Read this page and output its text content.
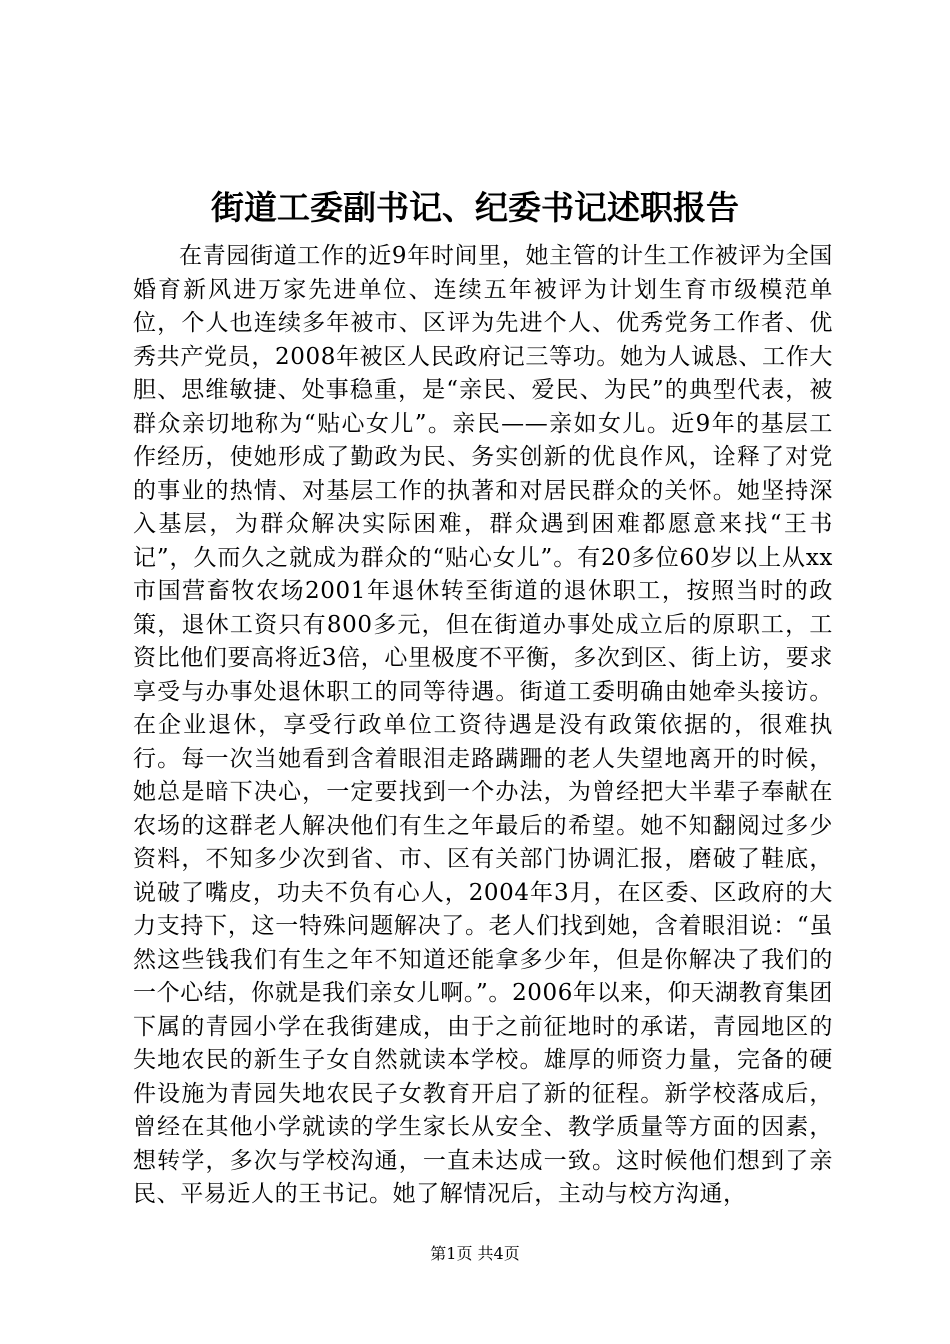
街道工委副书记、纪委书记述职报告

在青园街道工作的近9年时间里，她主管的计生工作被评为全国婚育新风进万家先进单位、连续五年被评为计划生育市级模范单位，个人也连续多年被市、区评为先进个人、优秀党务工作者、优秀共产党员，2008年被区人民政府记三等功。她为人诚恳、工作大胆、思维敏捷、处事稳重，是“亲民、爱民、为民”的典型代表，被群众亲切地称为“贴心女儿”。亲民——亲如女儿。近9年的基层工作经历，使她形成了勤政为民、务实创新的优良作风，诠释了对党的事业的热情、对基层工作的执著和对居民群众的关怀。她坚持深入基层，为群众解决实际困难，群众遇到困难都愿意来找“王书记”，久而久之就成为群众的“贴心女儿”。有20多位60岁以上从xx市国营畜牧农场2001年退休转至街道的退休职工，按照当时的政策，退休工资只有800多元，但在街道办事处成立后的原职工，工资比他们要高将近3倍，心里极度不平衡，多次到区、街上访，要求享受与办事处退休职工的同等待遇。街道工委明确由她牵头接访。在企业退休，享受行政单位工资待遇是没有政策依据的，很难执行。每一次当她看到含着眼泪走路蹒跚的老人失望地离开的时候，她总是暗下决心，一定要找到一个办法，为曾经把大半辈子奉献在农场的这群老人解决他们有生之年最后的希望。她不知翻阅过多少资料，不知多少次到省、市、区有关部门协调汇报，磨破了鞋底，说破了嘴皮，功夫不负有心人，2004年3月，在区委、区政府的大力支持下，这一特殊问题解决了。老人们找到她，含着眼泪说：“虽然这些钱我们有生之年不知道还能拿多少年，但是你解决了我们的一个心结，你就是我们亲女儿啊。”。2006年以来，仰天湖教育集团下属的青园小学在我街建成，由于之前征地时的承诺，青园地区的失地农民的新生子女自然就读本学校。雄厚的师资力量，完备的硬件设施为青园失地农民子女教育开启了新的征程。新学校落成后，曾经在其他小学就读的学生家长从安全、教学质量等方面的因素，想转学，多次与学校沟通，一直未达成一致。这时候他们想到了亲民、平易近人的王书记。她了解情况后，主动与校方沟通，

第1页 共4页
